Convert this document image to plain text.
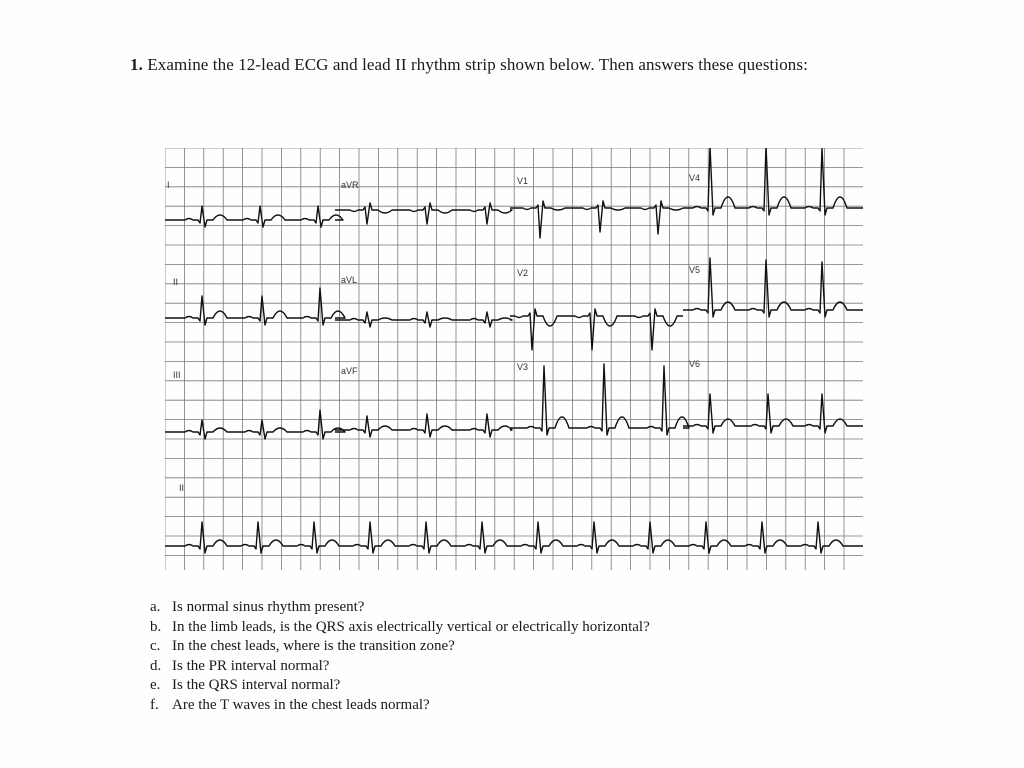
1. Examine the 12-lead ECG and lead II rhythm strip shown below. Then answers these questions:
I	aVR	V1	V4
II	aVL
V2	V5
III	aVF	V3	V6
II
a. Is normal sinus rhythm present?
b. In the limb leads, is the QRS axis electrically vertical or electrically horizontal?
c. In the chest leads, where is the transition zone?
d. Is the PR interval normal?
e. Is the QRS interval normal?
f. Are the T waves in the chest leads normal?
